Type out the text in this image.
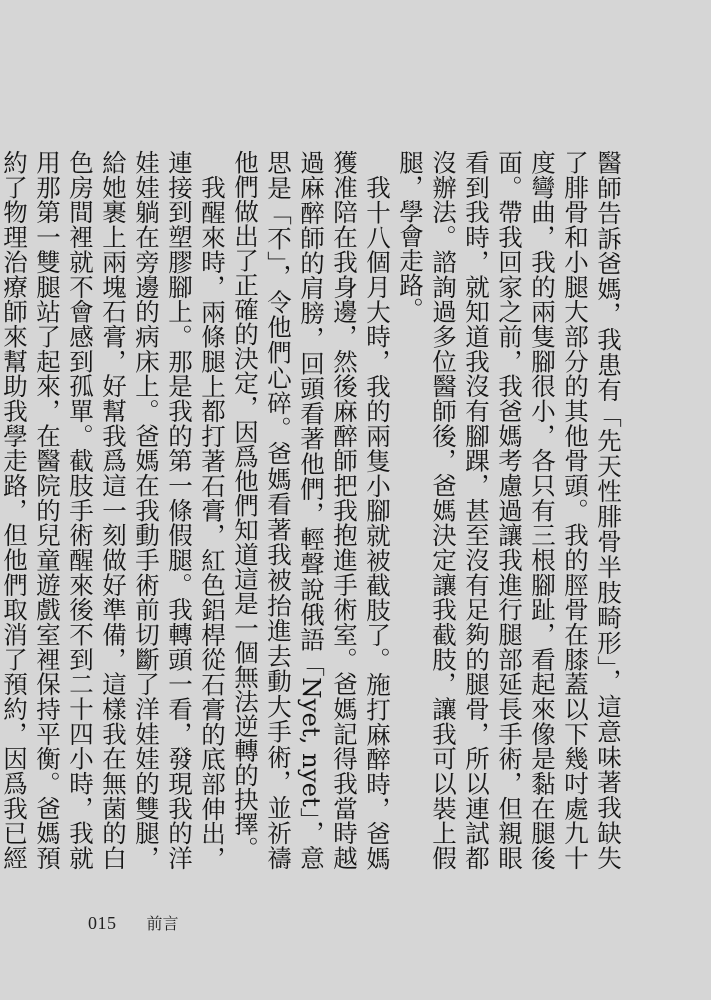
醫師告訴爸媽，我患有「先天性腓骨半肢畸形」，這意味著我缺失了腓骨和小腿大部分的其他骨頭。我的脛骨在膝蓋以下幾吋處九十度彎曲，我的兩隻腳很小，各只有三根腳趾，看起來像是黏在腿後面。帶我回家之前，我爸媽考慮過讓我進行腿部延長手術，但親眼看到我時，就知道我沒有腳踝，甚至沒有足夠的腿骨，所以連試都沒辦法。諮詢過多位醫師後，爸媽決定讓我截肢，讓我可以裝上假腿，學會走路。

我十八個月大時，我的兩隻小腳就被截肢了。施打麻醉時，爸媽獲准陪在我身邊，然後麻醉師把我抱進手術室。爸媽記得我當時越過麻醉師的肩膀，回頭看著他們，輕聲說俄語「Nyet, nyet」，意思是「不」，令他們心碎。爸媽看著我被抬進去動大手術，並祈禱他們做出了正確的決定，因爲他們知道這是一個無法逆轉的抉擇。

我醒來時，兩條腿上都打著石膏，紅色鋁桿從石膏的底部伸出，連接到塑膠腳上。那是我的第一條假腿。我轉頭一看，發現我的洋娃娃躺在旁邊的病床上。爸媽在我動手術前切斷了洋娃娃的雙腿，給她裹上兩塊石膏，好幫我爲這一刻做好準備，這樣我在無菌的白色房間裡就不會感到孤單。截肢手術醒來後不到二十四小時，我就用那第一雙腿站了起來，在醫院的兒童遊戲室裡保持平衡。爸媽預約了物理治療師來幫助我學走路，但他們取消了預約，因爲我已經

015 前言
